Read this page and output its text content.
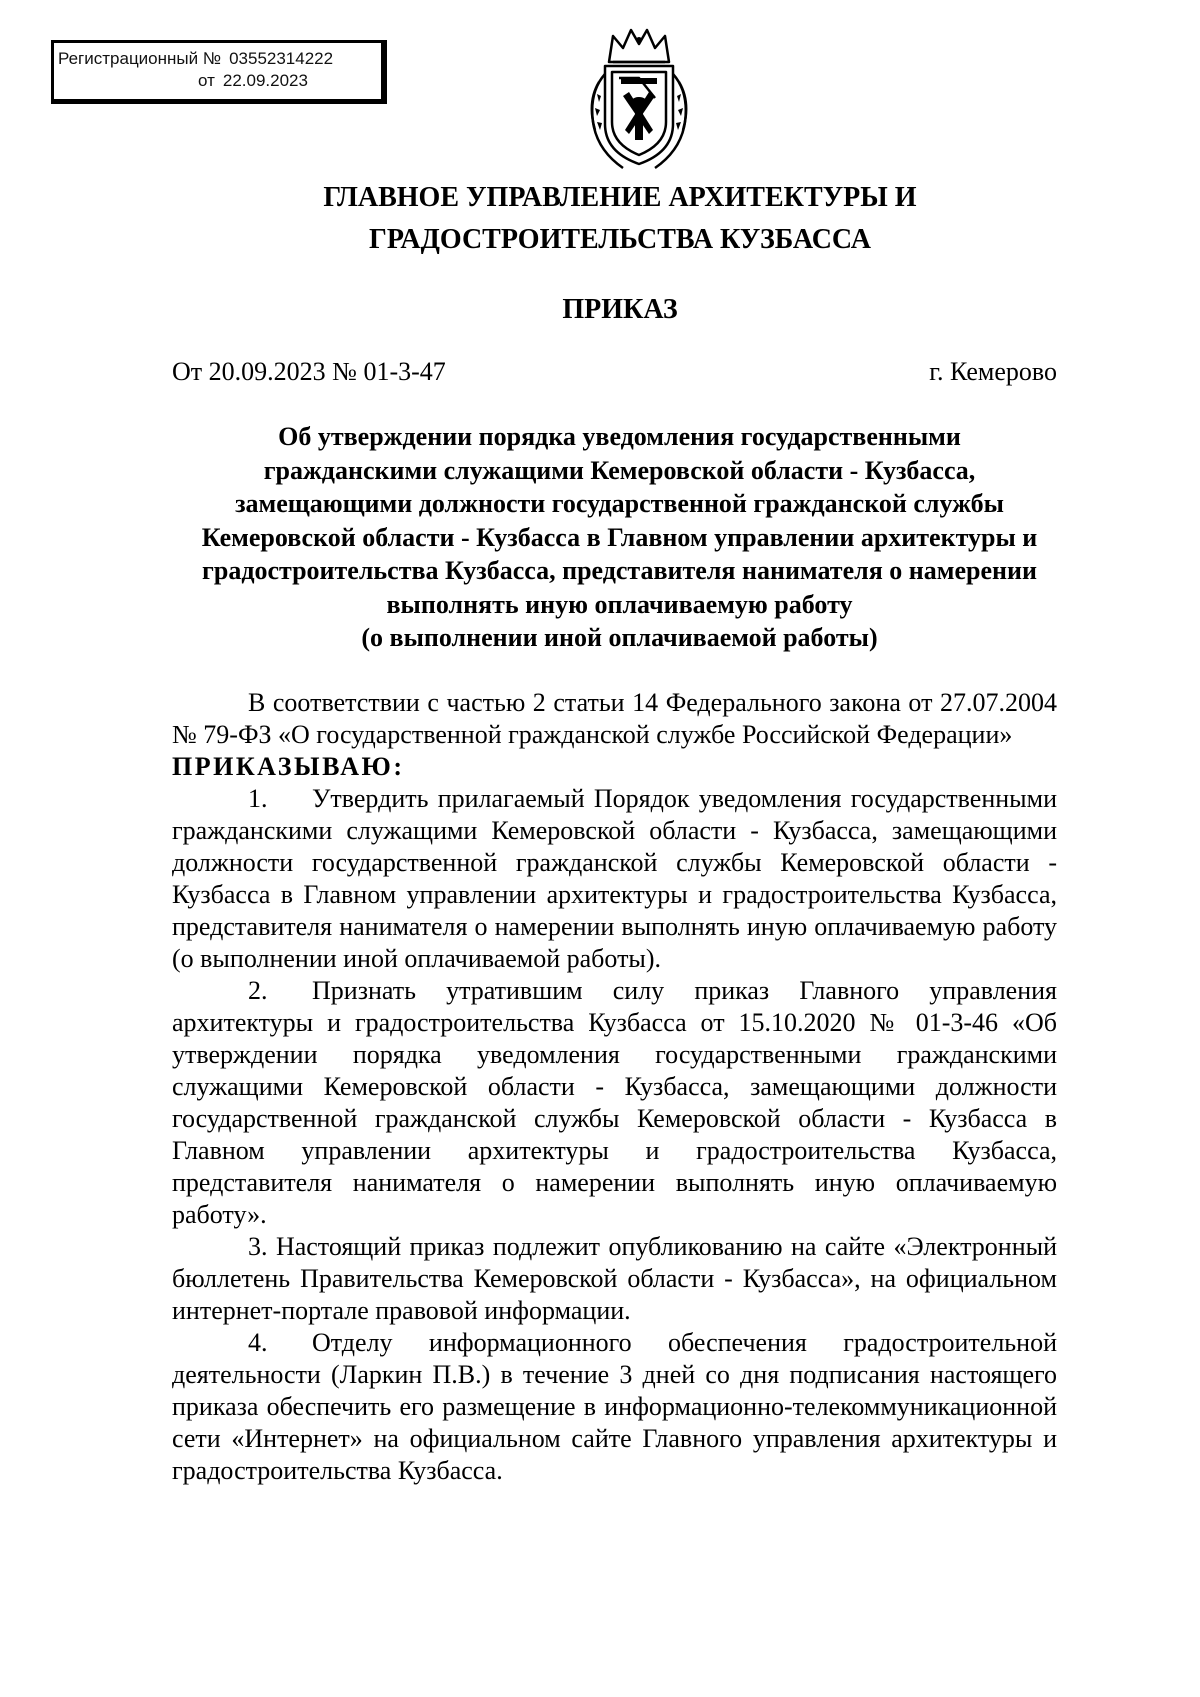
Регистрационный № 03552314222
от 22.09.2023
ГЛАВНОЕ УПРАВЛЕНИЕ АРХИТЕКТУРЫ И
ГРАДОСТРОИТЕЛЬСТВА КУЗБАССА
ПРИКАЗ
От 20.09.2023 № 01-3-47	г. Кемерово
Об утверждении порядка уведомления государственными
гражданскими служащими Кемеровской области - Кузбасса,
замещающими должности государственной гражданской службы
Кемеровской области - Кузбасса в Главном управлении архитектуры и
градостроительства Кузбасса, представителя нанимателя о намерении
выполнять иную оплачиваемую работу
(о выполнении иной оплачиваемой работы)

В соответствии с частью 2 статьи 14 Федерального закона от 27.07.2004 № 79-ФЗ «О государственной гражданской службе Российской Федерации»
ПРИКАЗЫВАЮ:

1. Утвердить прилагаемый Порядок уведомления государственными гражданскими служащими Кемеровской области - Кузбасса, замещающими должности государственной гражданской службы Кемеровской области - Кузбасса в Главном управлении архитектуры и градостроительства Кузбасса, представителя нанимателя о намерении выполнять иную оплачиваемую работу (о выполнении иной оплачиваемой работы).

2. Признать утратившим силу приказ Главного управления архитектуры и градостроительства Кузбасса от 15.10.2020 № 01-3-46 «Об утверждении порядка уведомления государственными гражданскими служащими Кемеровской области - Кузбасса, замещающими должности государственной гражданской службы Кемеровской области - Кузбасса в Главном управлении архитектуры и градостроительства Кузбасса, представителя нанимателя о намерении выполнять иную оплачиваемую работу».

3. Настоящий приказ подлежит опубликованию на сайте «Электронный бюллетень Правительства Кемеровской области - Кузбасса», на официальном интернет-портале правовой информации.

4. Отделу информационного обеспечения градостроительной деятельности (Ларкин П.В.) в течение 3 дней со дня подписания настоящего приказа обеспечить его размещение в информационно-телекоммуникационной сети «Интернет» на официальном сайте Главного управления архитектуры и градостроительства Кузбасса.
